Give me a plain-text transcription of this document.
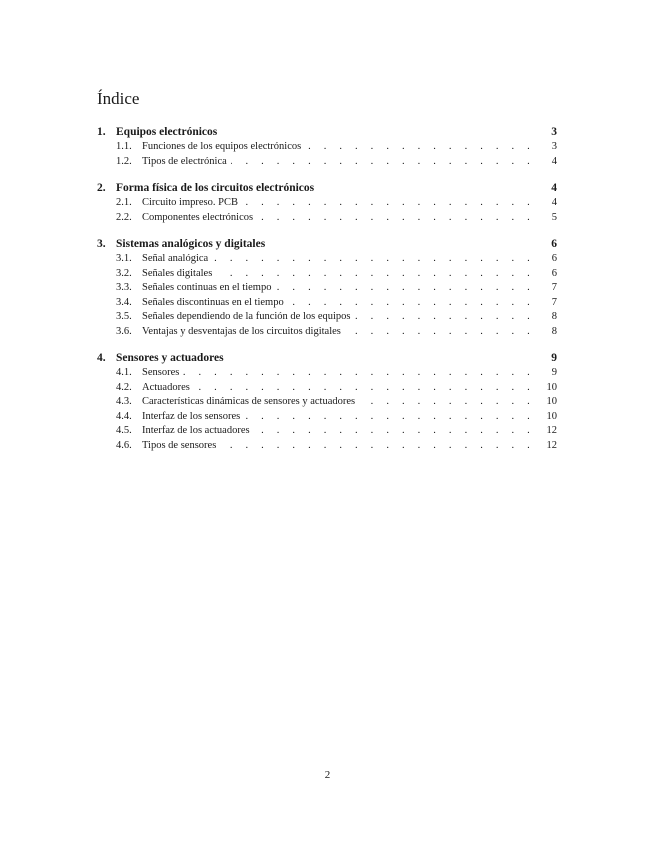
Índice
1. Equipos electrónicos	3
1.1. Funciones de los equipos electrónicos . . .	3
1.2. Tipos de electrónica . . .	4
2. Forma física de los circuitos electrónicos	4
2.1. Circuito impreso. PCB . . .	4
2.2. Componentes electrónicos . . .	5
3. Sistemas analógicos y digitales	6
3.1. Señal analógica . . .	6
3.2. Señales digitales . . .	6
3.3. Señales continuas en el tiempo . . .	7
3.4. Señales discontinuas en el tiempo . . .	7
3.5. Señales dependiendo de la función de los equipos . . .	8
3.6. Ventajas y desventajas de los circuitos digitales . . .	8
4. Sensores y actuadores	9
4.1. Sensores . . .	9
4.2. Actuadores . . .	10
4.3. Características dinámicas de sensores y actuadores . . .	10
4.4. Interfaz de los sensores . . .	10
4.5. Interfaz de los actuadores . . .	12
4.6. Tipos de sensores . . .	12
2
